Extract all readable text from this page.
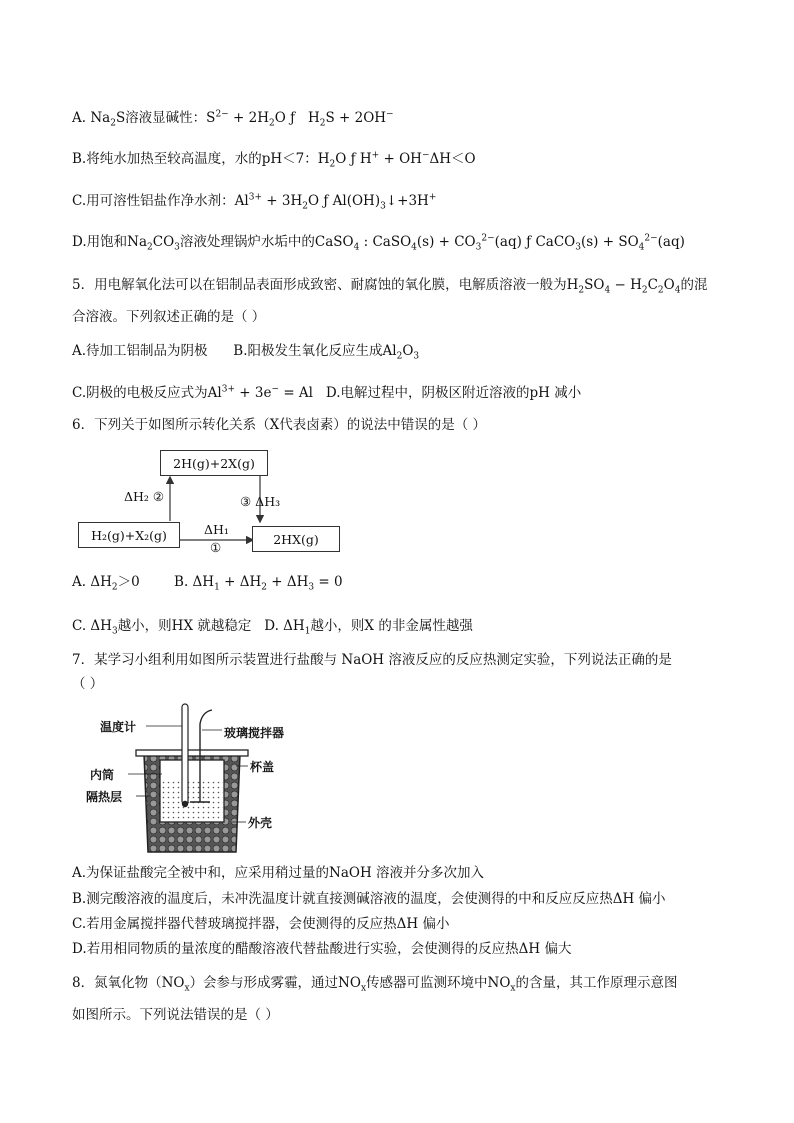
A. $Na_2S$溶液显碱性：$S^{2-} + 2H_2O$ ƒ   $H_2S + 2OH^-$
B.将纯水加热至较高温度，水的pH＜7：$H_2O$ ƒ H+ + OH−ΔH＜O
C.用可溶性铝盐作净水剂：$Al^{3+} + 3H_2O$ ƒ $Al(OH)_3↓+3H^+$
D.用饱和$Na_2CO_3$溶液处理锅炉水垢中的CaSO$_4$ : CaSO$_4$(s) + $CO_3^{2-}(aq)$ ƒ CaCO$_3$(s) + $SO_4^{2-}(aq)$
5．用电解氧化法可以在铝制品表面形成致密、耐腐蚀的氧化膜，电解质溶液一般为$H_2SO_4 - H_2C_2O_4$的混
合溶液。下列叙述正确的是（ ）
A.待加工铝制品为阴极 B.阳极发生氧化反应生成$Al_2O_3$
C.阴极的电极反应式为$Al^{3+} + 3e^- = Al$ D.电解过程中，阴极区附近溶液的pH 减小
6．下列关于如图所示转化关系（X代表卤素）的说法中错误的是（ ）
2H(g)+2X(g)
H₂(g)+X₂(g)	2HX(g)
ΔH₂ ②	③ ΔH₃
ΔH₁
①
A. $\Delta H_2>0$	B. $\Delta H_1 + \Delta H_2 + \Delta H_3 = 0$
C. $\Delta H_3$越小，则HX 就越稳定 D. $\Delta H_1$越小，则X 的非金属性越强
7．某学习小组利用如图所示装置进行盐酸与 NaOH 溶液反应的反应热测定实验，下列说法正确的是
（ ）
温度计	玻璃搅拌器
杯盖
内筒
隔热层
外壳
A.为保证盐酸完全被中和，应采用稍过量的NaOH 溶液并分多次加入
B.测完酸溶液的温度后，未冲洗温度计就直接测碱溶液的温度，会使测得的中和反应反应热ΔH 偏小
C.若用金属搅拌器代替玻璃搅拌器，会使测得的反应热ΔH 偏小
D.若用相同物质的量浓度的醋酸溶液代替盐酸进行实验，会使测得的反应热ΔH 偏大
8．氮氧化物$(NO_x)$会参与形成雾霾，通过$NO_x$传感器可监测环境中$NO_x$的含量，其工作原理示意图
如图所示。下列说法错误的是（ ）
